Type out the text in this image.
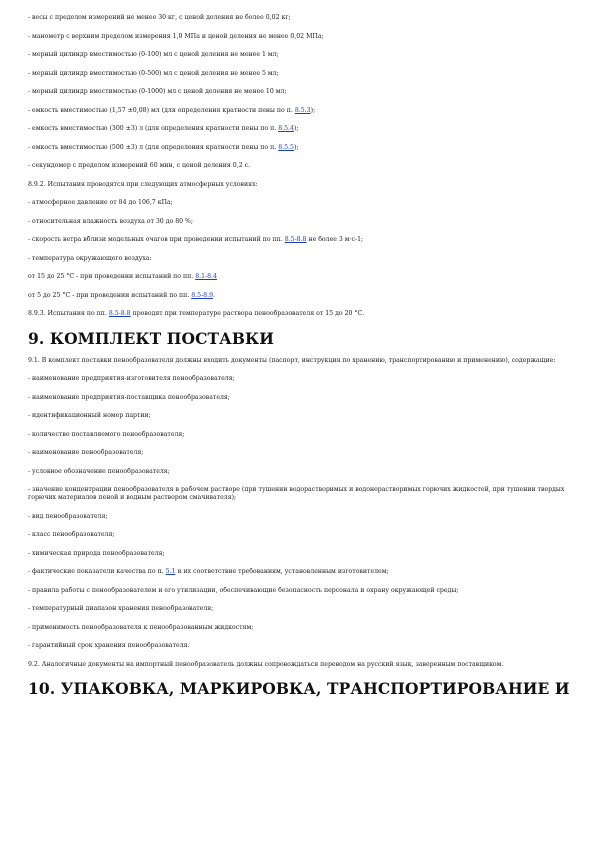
- весы с пределом измерений не менее 30 кг, с ценой деления не более 0,02 кг;

- манометр с верхним пределом измерения 1,0 МПа и ценой деления не менее 0,02 МПа;

- мерный цилиндр вместимостью (0-100) мл с ценой деления не менее 1 мл;

- мерный цилиндр вместимостью (0-500) мл с ценой деления не менее 5 мл;

- мерный цилиндр вместимостью (0-1000) мл с ценой деления не менее 10 мл;

- емкость вместимостью (1,57 ±0,08) мл (для определения кратности пены по п. 8.5.3);

- емкость вместимостью (300 ±3) л (для определения кратности пены по п. 8.5.4);

- емкость вместимостью (500 ±3) л (для определения кратности пены по п. 8.5.5);

- секундомер с пределом измерений 60 мин, с ценой деления 0,2 с.

8.9.2. Испытания проводятся при следующих атмосферных условиях:

- атмосферное давление от 84 до 106,7 кПа;

- относительная влажность воздуха от 30 до 80 %;

- скорость ветра вблизи модельных очагов при проведении испытаний по пп. 8.5-8.8 не более 3 м·с-1;

- температура окружающего воздуха:

от 15 до 25 °С - при проведении испытаний по пп. 8.1-8.4

от 5 до 25 °С - при проведении испытаний по пп. 8.5-8.9.

8.9.3. Испытания по пп. 8.5-8.8 проводят при температуре раствора пенообразователя от 15 до 20 °С.

9. КОМПЛЕКТ ПОСТАВКИ

9.1. В комплект поставки пенообразователя должны входить документы (паспорт, инструкция по хранению, транспортированию и применению), содержащие:

- наименование предприятия-изготовителя пенообразователя;

- наименование предприятия-поставщика пенообразователя;

- идентификационный номер партии;

- количество поставляемого пенообразователя;

- наименование пенообразователя;

- условное обозначение пенообразователя;

- значение концентрации пенообразователя в рабочем растворе (при тушении водорастворимых и водонерастворимых горючих жидкостей, при тушении твердых горючих материалов пеной и водным раствором смачивателя);

- вид пенообразователя;

- класс пенообразователя;

- химическая природа пенообразователя;

- фактические показатели качества по п. 5.1 и их соответствие требованиям, установленным изготовителем;

- правила работы с пенообразователем и его утилизации, обеспечивающие безопасность персонала и охрану окружающей среды;

- температурный диапазон хранения пенообразователя;

- применимость пенообразователя к пенообразованным жидкостям;

- гарантийный срок хранения пенообразователя.

9.2. Аналогичные документы на импортный пенообразователь должны сопровождаться переводом на русский язык, заверенным поставщиком.

10. УПАКОВКА, МАРКИРОВКА, ТРАНСПОРТИРОВАНИЕ И
